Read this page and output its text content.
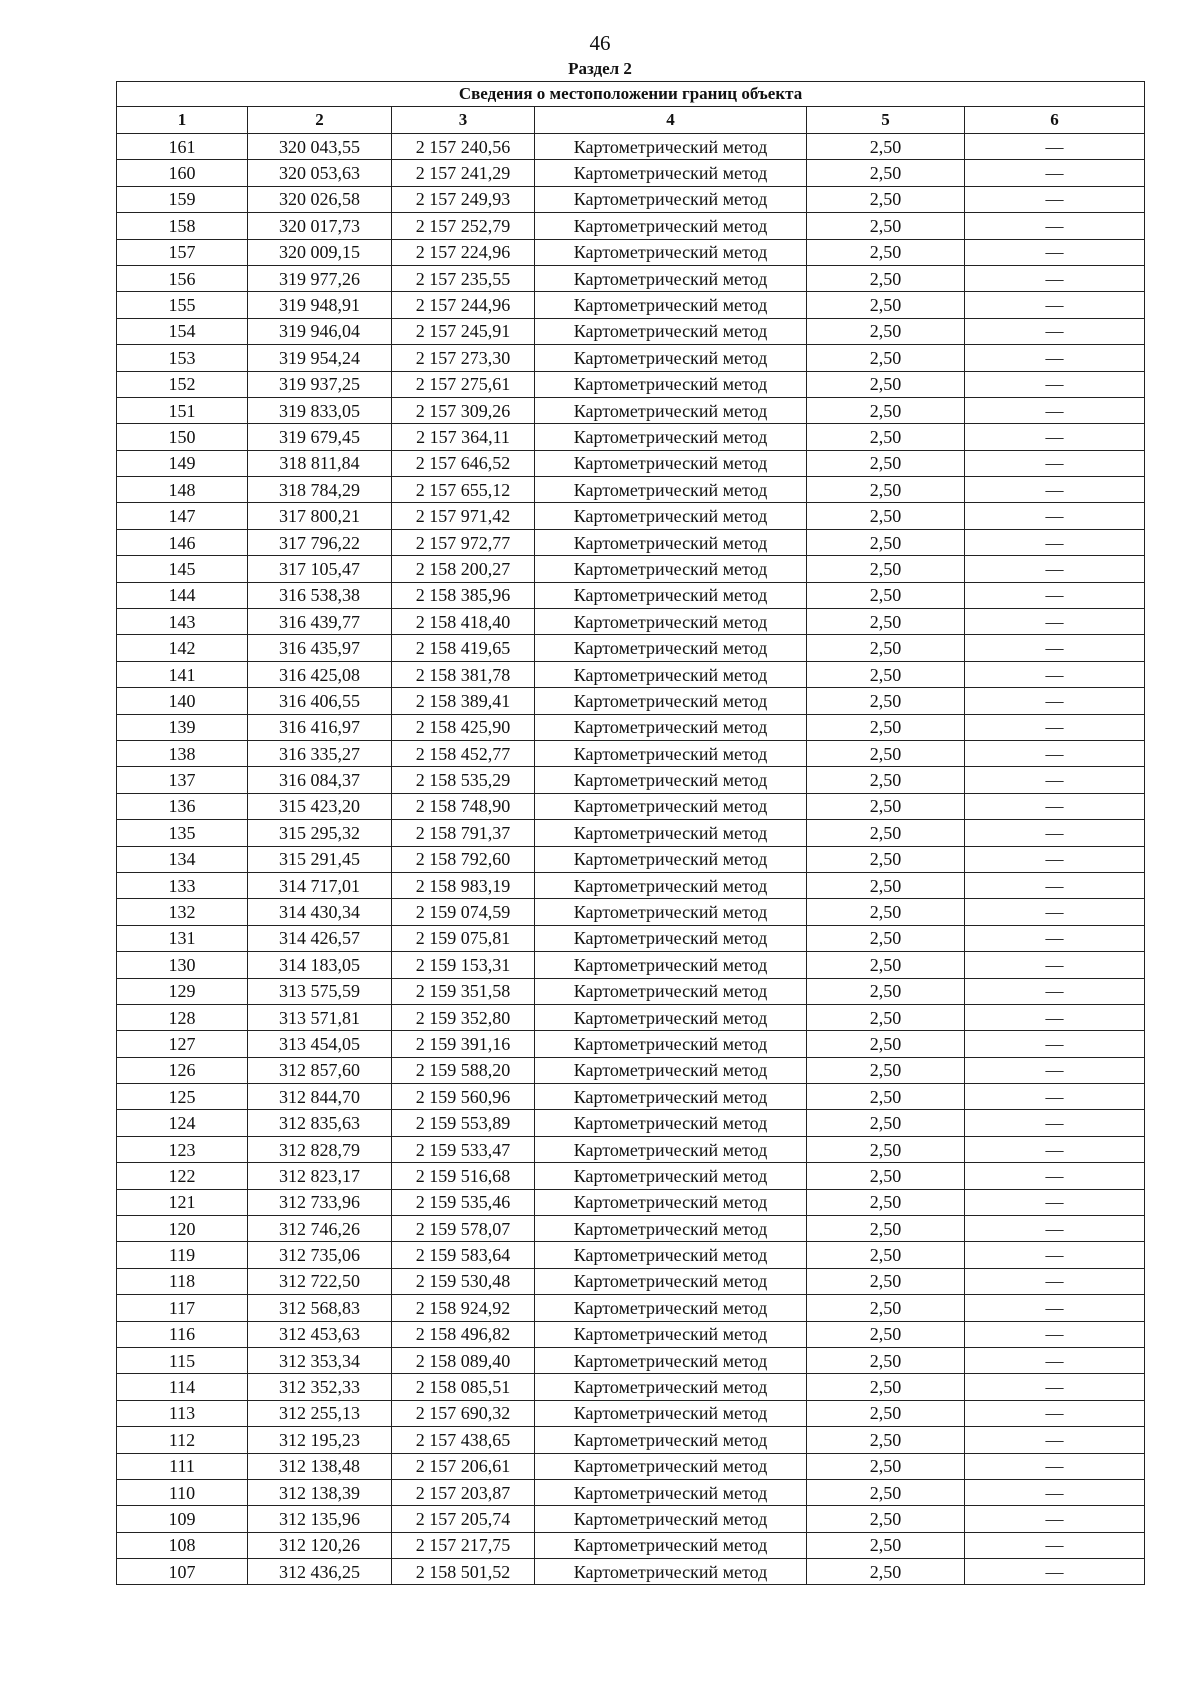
46
Раздел 2
Сведения о местоположении границ объекта					
1	2	3	4	5	6
161	320 043,55	2 157 240,56	Картометрический метод	2,50	—
160	320 053,63	2 157 241,29	Картометрический метод	2,50	—
159	320 026,58	2 157 249,93	Картометрический метод	2,50	—
158	320 017,73	2 157 252,79	Картометрический метод	2,50	—
157	320 009,15	2 157 224,96	Картометрический метод	2,50	—
156	319 977,26	2 157 235,55	Картометрический метод	2,50	—
155	319 948,91	2 157 244,96	Картометрический метод	2,50	—
154	319 946,04	2 157 245,91	Картометрический метод	2,50	—
153	319 954,24	2 157 273,30	Картометрический метод	2,50	—
152	319 937,25	2 157 275,61	Картометрический метод	2,50	—
151	319 833,05	2 157 309,26	Картометрический метод	2,50	—
150	319 679,45	2 157 364,11	Картометрический метод	2,50	—
149	318 811,84	2 157 646,52	Картометрический метод	2,50	—
148	318 784,29	2 157 655,12	Картометрический метод	2,50	—
147	317 800,21	2 157 971,42	Картометрический метод	2,50	—
146	317 796,22	2 157 972,77	Картометрический метод	2,50	—
145	317 105,47	2 158 200,27	Картометрический метод	2,50	—
144	316 538,38	2 158 385,96	Картометрический метод	2,50	—
143	316 439,77	2 158 418,40	Картометрический метод	2,50	—
142	316 435,97	2 158 419,65	Картометрический метод	2,50	—
141	316 425,08	2 158 381,78	Картометрический метод	2,50	—
140	316 406,55	2 158 389,41	Картометрический метод	2,50	—
139	316 416,97	2 158 425,90	Картометрический метод	2,50	—
138	316 335,27	2 158 452,77	Картометрический метод	2,50	—
137	316 084,37	2 158 535,29	Картометрический метод	2,50	—
136	315 423,20	2 158 748,90	Картометрический метод	2,50	—
135	315 295,32	2 158 791,37	Картометрический метод	2,50	—
134	315 291,45	2 158 792,60	Картометрический метод	2,50	—
133	314 717,01	2 158 983,19	Картометрический метод	2,50	—
132	314 430,34	2 159 074,59	Картометрический метод	2,50	—
131	314 426,57	2 159 075,81	Картометрический метод	2,50	—
130	314 183,05	2 159 153,31	Картометрический метод	2,50	—
129	313 575,59	2 159 351,58	Картометрический метод	2,50	—
128	313 571,81	2 159 352,80	Картометрический метод	2,50	—
127	313 454,05	2 159 391,16	Картометрический метод	2,50	—
126	312 857,60	2 159 588,20	Картометрический метод	2,50	—
125	312 844,70	2 159 560,96	Картометрический метод	2,50	—
124	312 835,63	2 159 553,89	Картометрический метод	2,50	—
123	312 828,79	2 159 533,47	Картометрический метод	2,50	—
122	312 823,17	2 159 516,68	Картометрический метод	2,50	—
121	312 733,96	2 159 535,46	Картометрический метод	2,50	—
120	312 746,26	2 159 578,07	Картометрический метод	2,50	—
119	312 735,06	2 159 583,64	Картометрический метод	2,50	—
118	312 722,50	2 159 530,48	Картометрический метод	2,50	—
117	312 568,83	2 158 924,92	Картометрический метод	2,50	—
116	312 453,63	2 158 496,82	Картометрический метод	2,50	—
115	312 353,34	2 158 089,40	Картометрический метод	2,50	—
114	312 352,33	2 158 085,51	Картометрический метод	2,50	—
113	312 255,13	2 157 690,32	Картометрический метод	2,50	—
112	312 195,23	2 157 438,65	Картометрический метод	2,50	—
111	312 138,48	2 157 206,61	Картометрический метод	2,50	—
110	312 138,39	2 157 203,87	Картометрический метод	2,50	—
109	312 135,96	2 157 205,74	Картометрический метод	2,50	—
108	312 120,26	2 157 217,75	Картометрический метод	2,50	—
107	312 436,25	2 158 501,52	Картометрический метод	2,50	—
